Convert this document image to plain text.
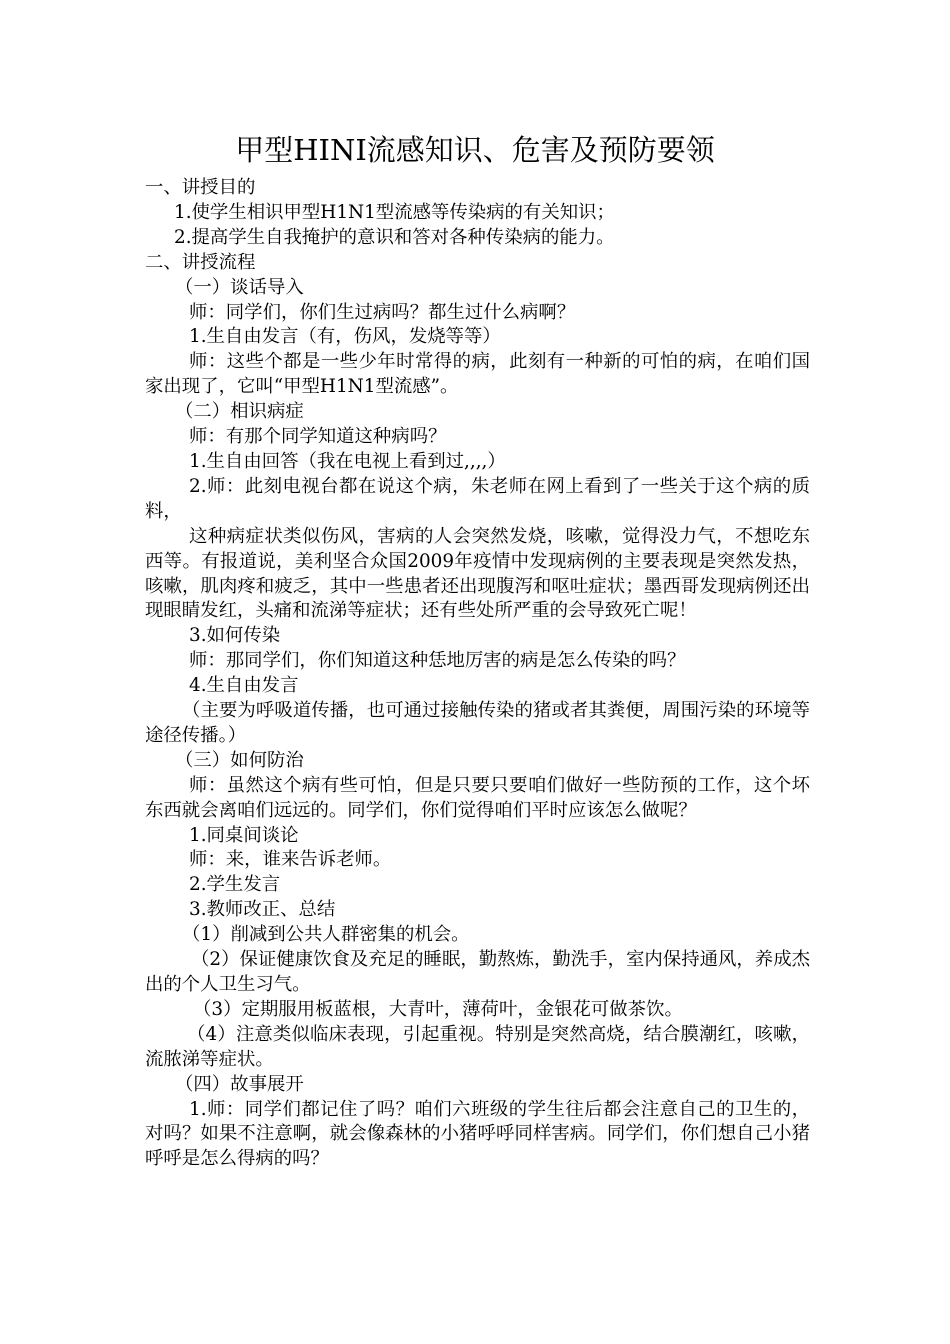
甲型HINI流感知识、危害及预防要领

一、讲授目的

1.使学生相识甲型H1N1型流感等传染病的有关知识；

2.提高学生自我掩护的意识和答对各种传染病的能力。

二、讲授流程

（一）谈话导入

师：同学们，你们生过病吗？都生过什么病啊？

1.生自由发言（有，伤风，发烧等等）

师：这些个都是一些少年时常得的病，此刻有一种新的可怕的病，在咱们国家出现了，它叫“甲型H1N1型流感”。

（二）相识病症

师：有那个同学知道这种病吗？

1.生自由回答（我在电视上看到过,,,,）

2.师：此刻电视台都在说这个病，朱老师在网上看到了一些关于这个病的质料，

这种病症状类似伤风，害病的人会突然发烧，咳嗽，觉得没力气，不想吃东西等。有报道说，美利坚合众国2009年疫情中发现病例的主要表现是突然发热，咳嗽，肌肉疼和疲乏，其中一些患者还出现腹泻和呕吐症状；墨西哥发现病例还出现眼睛发红，头痛和流涕等症状；还有些处所严重的会导致死亡呢！

3.如何传染

师：那同学们，你们知道这种恁地厉害的病是怎么传染的吗？

4.生自由发言

（主要为呼吸道传播，也可通过接触传染的猪或者其粪便，周围污染的环境等途径传播。）

（三）如何防治

师：虽然这个病有些可怕，但是只要只要咱们做好一些防预的工作，这个坏东西就会离咱们远远的。同学们，你们觉得咱们平时应该怎么做呢？

1.同桌间谈论

师：来，谁来告诉老师。

2.学生发言

3.教师改正、总结

（1）削减到公共人群密集的机会。

（2）保证健康饮食及充足的睡眠，勤熬炼，勤洗手，室内保持通风，养成杰出的个人卫生习气。

（3）定期服用板蓝根，大青叶，薄荷叶，金银花可做茶饮。

（4）注意类似临床表现，引起重视。特别是突然高烧，结合膜潮红，咳嗽，流脓涕等症状。

（四）故事展开

1.师：同学们都记住了吗？咱们六班级的学生往后都会注意自己的卫生的，对吗？如果不注意啊，就会像森林的小猪呼呼同样害病。同学们，你们想自己小猪呼呼是怎么得病的吗？
